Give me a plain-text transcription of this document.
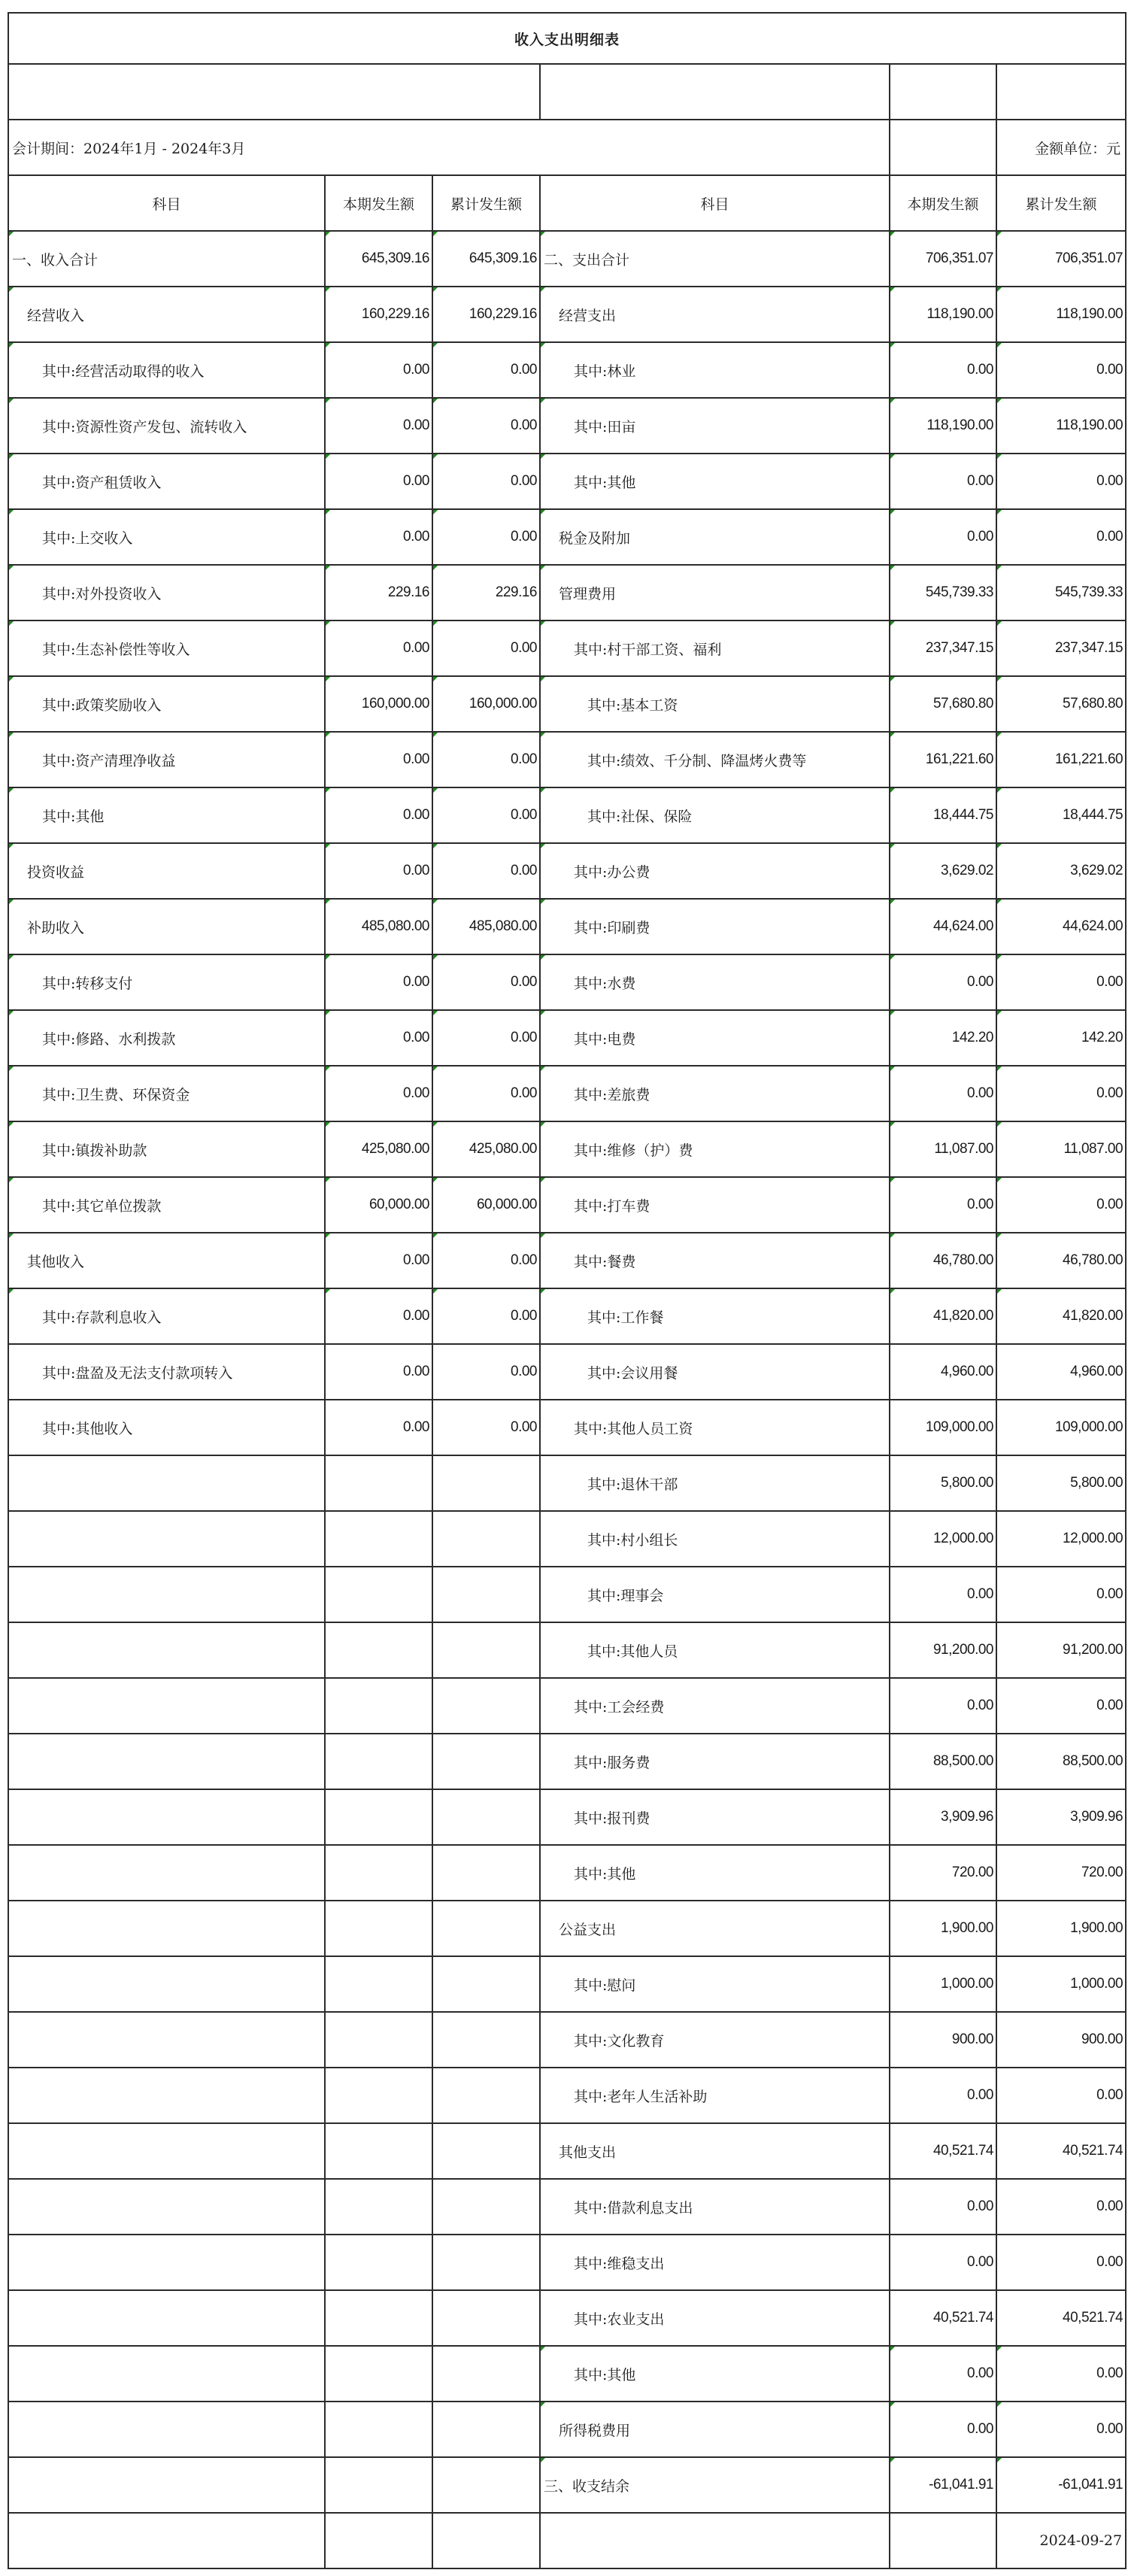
收入支出明细表					

会计期间：2024年1月 - 2024年3月					金额单位：元
科目	本期发生额	累计发生额	科目	本期发生额	累计发生额
一、收入合计	645,309.16	645,309.16	二、支出合计	706,351.07	706,351.07
经营收入	160,229.16	160,229.16	经营支出	118,190.00	118,190.00
其中:经营活动取得的收入	0.00	0.00	其中:林业	0.00	0.00
其中:资源性资产发包、流转收入	0.00	0.00	其中:田亩	118,190.00	118,190.00
其中:资产租赁收入	0.00	0.00	其中:其他	0.00	0.00
其中:上交收入	0.00	0.00	税金及附加	0.00	0.00
其中:对外投资收入	229.16	229.16	管理费用	545,739.33	545,739.33
其中:生态补偿性等收入	0.00	0.00	其中:村干部工资、福利	237,347.15	237,347.15
其中:政策奖励收入	160,000.00	160,000.00	其中:基本工资	57,680.80	57,680.80
其中:资产清理净收益	0.00	0.00	其中:绩效、千分制、降温烤火费等	161,221.60	161,221.60
其中:其他	0.00	0.00	其中:社保、保险	18,444.75	18,444.75
投资收益	0.00	0.00	其中:办公费	3,629.02	3,629.02
补助收入	485,080.00	485,080.00	其中:印刷费	44,624.00	44,624.00
其中:转移支付	0.00	0.00	其中:水费	0.00	0.00
其中:修路、水利拨款	0.00	0.00	其中:电费	142.20	142.20
其中:卫生费、环保资金	0.00	0.00	其中:差旅费	0.00	0.00
其中:镇拨补助款	425,080.00	425,080.00	其中:维修（护）费	11,087.00	11,087.00
其中:其它单位拨款	60,000.00	60,000.00	其中:打车费	0.00	0.00
其他收入	0.00	0.00	其中:餐费	46,780.00	46,780.00
其中:存款利息收入	0.00	0.00	其中:工作餐	41,820.00	41,820.00
其中:盘盈及无法支付款项转入	0.00	0.00	其中:会议用餐	4,960.00	4,960.00
其中:其他收入	0.00	0.00	其中:其他人员工资	109,000.00	109,000.00
			其中:退休干部	5,800.00	5,800.00
			其中:村小组长	12,000.00	12,000.00
			其中:理事会	0.00	0.00
			其中:其他人员	91,200.00	91,200.00
			其中:工会经费	0.00	0.00
			其中:服务费	88,500.00	88,500.00
			其中:报刊费	3,909.96	3,909.96
			其中:其他	720.00	720.00
			公益支出	1,900.00	1,900.00
			其中:慰问	1,000.00	1,000.00
			其中:文化教育	900.00	900.00
			其中:老年人生活补助	0.00	0.00
			其他支出	40,521.74	40,521.74
			其中:借款利息支出	0.00	0.00
			其中:维稳支出	0.00	0.00
			其中:农业支出	40,521.74	40,521.74
			其中:其他	0.00	0.00
			所得税费用	0.00	0.00
			三、收支结余	-61,041.91	-61,041.91
					2024-09-27
